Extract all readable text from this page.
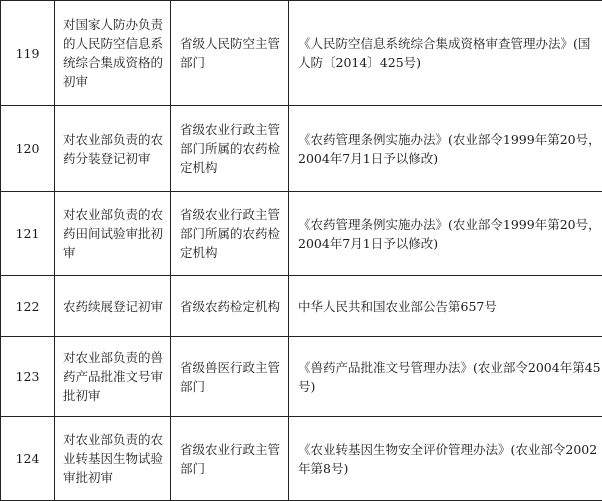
119	对国家人防办负责的人民防空信息系统综合集成资格的初审	省级人民防空主管部门	《人民防空信息系统综合集成资格审查管理办法》(国人防〔2014〕425号)
120	对农业部负责的农药分装登记初审	省级农业行政主管部门所属的农药检定机构	《农药管理条例实施办法》(农业部令1999年第20号，2004年7月1日予以修改)
121	对农业部负责的农药田间试验审批初审	省级农业行政主管部门所属的农药检定机构	《农药管理条例实施办法》(农业部令1999年第20号，2004年7月1日予以修改)
122	农药续展登记初审	省级农药检定机构	中华人民共和国农业部公告第657号
123	对农业部负责的兽药产品批准文号审批初审	省级兽医行政主管部门	《兽药产品批准文号管理办法》(农业部令2004年第45号)
124	对农业部负责的农业转基因生物试验审批初审	省级农业行政主管部门	《农业转基因生物安全评价管理办法》(农业部令2002年第8号)
